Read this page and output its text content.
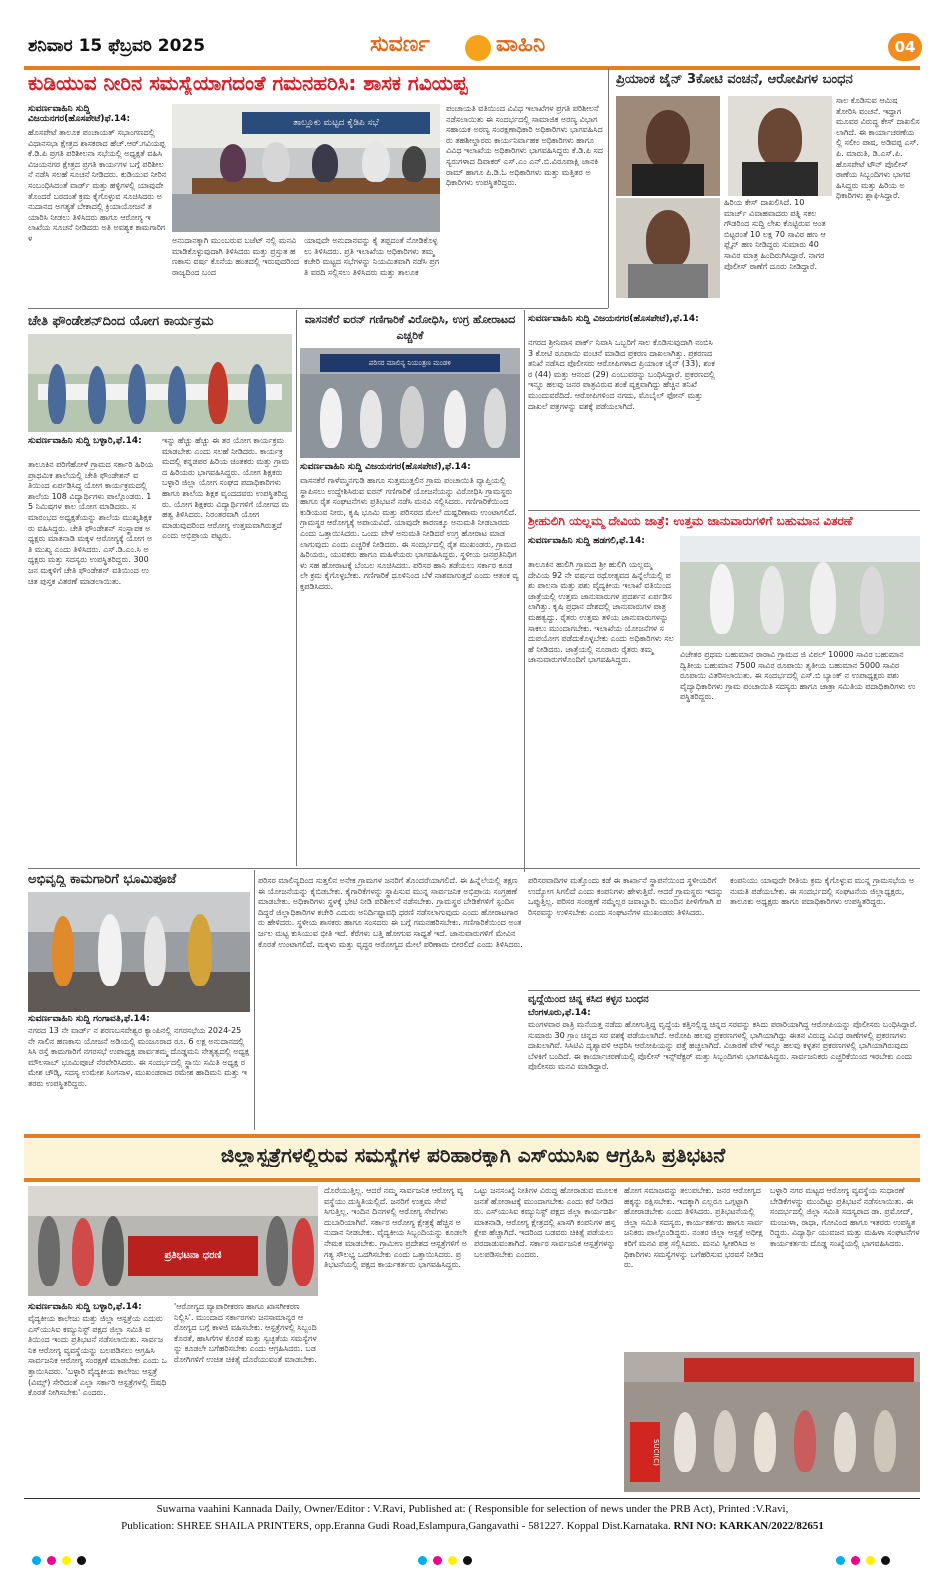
ಶನಿವಾರ 15 ಫೆಬ್ರವರಿ 2025	ಸುವರ್ಣ	ವಾಹಿನಿ	04
ಕುಡಿಯುವ ನೀರಿನ ಸಮಸ್ಯೆಯಾಗದಂತೆ ಗಮನಹರಿಸಿ: ಶಾಸಕ ಗವಿಯಪ್ಪ
ಸುವರ್ಣವಾಹಿನಿ ಸುದ್ದಿ ವಿಜಯನಗರ(ಹೊಸಪೇಟೆ)ಫೆ.14:
ಹೊಸಪೇಟೆ ತಾಲೂಕ ಪಂಚಾಯತ್ ಸಭಾಂಗಣದಲ್ಲಿ ವಿಧಾನಸಭಾ ಕ್ಷೇತ್ರದ ಶಾಸಕರಾದ ಹೆಚ್.ಆರ್.ಗವಿಯಪ್ಪ ಕೆ.ಡಿ.ಪಿ ಪ್ರಗತಿ ಪರಿಶೀಲನಾ ಸಭೆಯಲ್ಲಿ ಅಧ್ಯಕ್ಷತೆ ವಹಿಸಿ ವಿಜಯನಗರ ಕ್ಷೇತ್ರದ ಪ್ರಗತಿ ಕಾರ್ಯಗಳ ಬಗ್ಗೆ ಪರಿಶೀಲನೆ ನಡೆಸಿ ಸಲಹೆ ಸೂಚನೆ ನೀಡಿದರು. ಕುಡಿಯುವ ನೀರಿನ ಸಂಬಂಧಿಸಿದಂತೆ ವಾರ್ಡ್ ಮತ್ತು ಹಳ್ಳಿಗಳಲ್ಲಿ ಯಾವುದೇ ತೊಂದರೆ ಬರದಂತೆ ಕ್ರಮ ಕೈಗೊಳ್ಳುವ ಸೂಚಿಸಿದರು ಅನುದಾನದ ಅಗತ್ಯತೆ ಬೇಕಾದಲ್ಲಿ ಕ್ರಿಯಾಯೋಜನೆ ತಯಾರಿಸಿ ನೀಡಲು ತಿಳಿಸಿದರು ಹಾಗೂ ಆರೋಗ್ಯ ಇಲಾಖೆಯ ಸೂಚನೆ ನೀಡಿದರು ಅತಿ ಅವಶ್ಯಕ ಕಾಮಗಾರಿಗಳ
ತಾಲ್ಲೂಕು ಮಟ್ಟದ ಕೈಡಿಪಿ ಸಭೆ
ಅನುದಾನಕ್ಕಾಗಿ ಮುಂಬರುವ ಬಜೆಟ್ ನಲ್ಲಿ ಮನವಿ ಮಾಡಿಕೊಳ್ಳುವುದಾಗಿ ತಿಳಿಸಿದರು ಮತ್ತು ಪ್ರಸ್ತುತ ಹಣಕಾಸು ವರ್ಷ ಕೊನೆಯ ಹಂತದಲ್ಲಿ ಇರುವುದರಿಂದ ರಾಜ್ಯದಿಂದ ಬಂದ
ಯಾವುದೇ ಅನುದಾನವನ್ನು ಕೈ ತಪ್ಪದಂತೆ ನೋಡಿಕೊಳ್ಳಲು ತಿಳಿಸಿದರು. ಪ್ರತಿ ಇಲಾಖೆಯ ಅಧಿಕಾರಿಗಳು ತಮ್ಮ ಕಚೇರಿ ಮಟ್ಟದ ಸಭೆಗಳನ್ನು ನಿಯಮಿತವಾಗಿ ನಡೆಸಿ ಪ್ರಗತಿ ವರದಿ ಸಲ್ಲಿಸಲು ತಿಳಿಸಿದರು ಮತ್ತು ತಾಲೂಕ
ಪಂಚಾಯತಿ ವತಿಯಿಂದ ವಿವಿಧ ಇಲಾಖೆಗಳ ಪ್ರಗತಿ ಪರಿಶೀಲನೆ ನಡೆಸಲಾಯಿತು ಈ ಸಂದರ್ಭದಲ್ಲಿ ಸಾಮಾಜಿಕ ಅರಣ್ಯ ವಿಭಾಗ ಸಹಾಯಕ ಅರಣ್ಯ ಸಂರಕ್ಷಣಾಧಿಕಾರಿ ಅಧಿಕಾರಿಗಳು ಭಾಗವಹಿಸಿದರು ತಹಶೀಲ್ದಾರರು ಕಾರ್ಯನಿರ್ವಾಹಕ ಅಧಿಕಾರಿಗಳು ಹಾಗೂ ವಿವಿಧ ಇಲಾಖೆಯ ಅಧಿಕಾರಿಗಳು ಭಾಗವಹಿಸಿದ್ದರು ಕೆ.ಡಿ.ಪಿ ಸದಸ್ಯರುಗಳಾದ ದಿವಾಕರ್ ಎಸ್.ಎಂ ಎನ್.ಬಿ.ವಿರೂಪಾಕ್ಷಿ ಜಾನಕಿ ರಾಮ್ ಹಾಗೂ ಪಿ.ಡಿ.ಓ ಅಧಿಕಾರಿಗಳು ಮತ್ತು ಮತ್ತಿತರ ಅಧಿಕಾರಿಗಳು ಉಪಸ್ಥಿತರಿದ್ದರು.
ಪ್ರಿಯಾಂಕ ಜೈನ್ 3ಕೋಟಿ ವಂಚನೆ, ಆರೋಪಿಗಳ ಬಂಧನ
ಹಿರಿಯ ಕೇಸ್ ದಾಖಲಿಸಿದೆ. 10 ಮಾರ್ಚ್ ವಿವಾಹವಾದರು ಪತ್ನಿ ಸಕಲಗೌಡರಿಂದ ಸುದ್ದಿ ಲೇಖ ಕೊಟ್ಟಿರುವ ಅಂತ ಬಿಟ್ಟರಂತೆ 10 ಲಕ್ಷ 70 ಸಾವಿರ ಹಣ ಆಫ್ಲೈನ್ ಹಣ ನೀಡಿದ್ದರು ಸುಮಾರು 40 ಸಾವಿರ ಮಾತ್ರ ಹಿಂದಿರುಗಿಸಿದ್ದಾರೆ. ನಾಗರ ಪೊಲೀಸ್ ಠಾಣೆಗೆ ದೂರು ನೀಡಿದ್ದಾರೆ.
ಸಾಲ ಕೊಡಿಸುವ ಆಮಿಷ ತೋರಿಸಿ ವಂಚನೆ. ಇದ್ದಾಗ ಮೂವರ ವಿರುದ್ಧ ಕೇಸ್ ದಾಖಲಿಸಲಾಗಿದೆ. ಈ ಕಾರ್ಯಾಚರಣೆಯಲ್ಲಿ ಸಲೀಂ ಪಾಷ, ಅಡಿವಪ್ಪ ಎಸ್.ಪಿ. ಮಾರುತಿ, ಡಿ.ಎಸ್.ಪಿ. ಹೊಸಪೇಟೆ ಟೌನ್ ಪೊಲೀಸ್ ಠಾಣೆಯ ಸಿಬ್ಬಂದಿಗಳು ಭಾಗವಹಿಸಿದ್ದರು ಮತ್ತು ಹಿರಿಯ ಅಧಿಕಾರಿಗಳು ಶ್ಲಾಘಿಸಿದ್ದಾರೆ.
ಚೇತಿ ಫೌಂಡೇಶನ್‌ದಿಂದ ಯೋಗ ಕಾರ್ಯಕ್ರಮ
ಸುವರ್ಣವಾಹಿನಿ ಸುದ್ದಿ ಬಳ್ಳಾರಿ,ಫೆ.14:
ತಾಲೂಕಿನ ಪರಿಗೆಹೋಳೆ ಗ್ರಾಮದ ಸರ್ಕಾರಿ ಹಿರಿಯ ಪ್ರಾಥಮಿಕ ಶಾಲೆಯಲ್ಲಿ ಚೇತಿ ಫೌಂಡೇಶನ್ ವತಿಯಿಂದ ಏರ್ಪಡಿಸಿದ್ದ ಯೋಗ ಕಾರ್ಯಕ್ರಮದಲ್ಲಿ ಶಾಲೆಯ 108 ವಿದ್ಯಾರ್ಥಿಗಳು ಪಾಲ್ಗೊಂಡರು. 15 ನಿಮಿಷಗಳ ಕಾಲ ಯೋಗ ಮಾಡಿದರು. ಸಮಾರಂಭದ ಅಧ್ಯಕ್ಷತೆಯನ್ನು ಶಾಲೆಯ ಮುಖ್ಯಶಿಕ್ಷಕರು ವಹಿಸಿದ್ದರು. ಚೇತಿ ಫೌಂಡೇಶನ್ ಸಂಸ್ಥಾಪಕ ಅಧ್ಯಕ್ಷರು ಮಾತನಾಡಿ ಮಕ್ಕಳ ಆರೋಗ್ಯಕ್ಕೆ ಯೋಗ ಅತಿ ಮುಖ್ಯ ಎಂದು ತಿಳಿಸಿದರು. ಎಸ್.ಡಿ.ಎಂ.ಸಿ ಅಧ್ಯಕ್ಷರು ಮತ್ತು ಸದಸ್ಯರು ಉಪಸ್ಥಿತರಿದ್ದರು. 300 ಜನ ಮಕ್ಕಳಿಗೆ ಚೇತಿ ಫೌಂಡೇಶನ್ ವತಿಯಿಂದ ಉಚಿತ ಪುಸ್ತಕ ವಿತರಣೆ ಮಾಡಲಾಯಿತು.
ಇನ್ನು ಹೆಚ್ಚು ಹೆಚ್ಚು ಈ ತರ ಯೋಗ ಕಾರ್ಯಕ್ರಮ ಮಾಡಬೇಕು ಎಂದು ಸಲಹೆ ನೀಡಿದರು. ಕಾರ್ಯಕ್ರಮದಲ್ಲಿ ಕನ್ನಡಪರ ಹಿರಿಯ ಚಿಂತಕರು ಮತ್ತು ಗ್ರಾಮದ ಹಿರಿಯರು ಭಾಗವಹಿಸಿದ್ದರು. ಯೋಗ ಶಿಕ್ಷಕರು ಬಳ್ಳಾರಿ ಜಿಲ್ಲಾ ಯೋಗ ಸಂಘದ ಪದಾಧಿಕಾರಿಗಳು ಹಾಗೂ ಶಾಲೆಯ ಶಿಕ್ಷಕ ವೃಂದದವರು ಉಪಸ್ಥಿತರಿದ್ದರು. ಯೋಗ ಶಿಕ್ಷಕರು ವಿದ್ಯಾರ್ಥಿಗಳಿಗೆ ಯೋಗದ ಮಹತ್ವ ತಿಳಿಸಿದರು. ನಿರಂತರವಾಗಿ ಯೋಗ ಮಾಡುವುದರಿಂದ ಆರೋಗ್ಯ ಉತ್ತಮವಾಗಿರುತ್ತದೆ ಎಂದು ಅಭಿಪ್ರಾಯ ಪಟ್ಟರು.
ವಾಸನಕೆರೆ ಐರನ್ ಗಣಿಗಾರಿಕೆ ವಿರೋಧಿಸಿ, ಉಗ್ರ ಹೋರಾಟದ ಎಚ್ಚರಿಕೆ
ಪರಿಸರ ಮಾಲಿನ್ಯ ನಿಯಂತ್ರಣ ಮಂಡಳಿ
ಸುವರ್ಣವಾಹಿನಿ ಸುದ್ದಿ ವಿಜಯನಗರ(ಹೊಸಪೇಟೆ),ಫೆ.14:
ವಾಸನಕೆರೆ ಗಾಳೆಮ್ಮನಗುಡಿ ಹಾಗೂ ಸುತ್ತಮುತ್ತಲಿನ ಗ್ರಾಮ ಪಂಚಾಯಿತಿ ವ್ಯಾಪ್ತಿಯಲ್ಲಿ ಸ್ಥಾಪಿಸಲು ಉದ್ದೇಶಿಸಿರುವ ಐರನ್ ಗಣಿಗಾರಿಕೆ ಯೋಜನೆಯನ್ನು ವಿರೋಧಿಸಿ ಗ್ರಾಮಸ್ಥರು ಹಾಗೂ ರೈತ ಸಂಘಟನೆಗಳು ಪ್ರತಿಭಟನೆ ನಡೆಸಿ ಮನವಿ ಸಲ್ಲಿಸಿದರು. ಗಣಿಗಾರಿಕೆಯಿಂದ ಕುಡಿಯುವ ನೀರು, ಕೃಷಿ ಭೂಮಿ ಮತ್ತು ಪರಿಸರದ ಮೇಲೆ ದುಷ್ಪರಿಣಾಮ ಉಂಟಾಗಲಿದೆ. ಗ್ರಾಮಸ್ಥರ ಆರೋಗ್ಯಕ್ಕೆ ಅಪಾಯವಿದೆ. ಯಾವುದೇ ಕಾರಣಕ್ಕೂ ಅನುಮತಿ ನೀಡಬಾರದು ಎಂದು ಒತ್ತಾಯಿಸಿದರು. ಒಂದು ವೇಳೆ ಅನುಮತಿ ನೀಡಿದರೆ ಉಗ್ರ ಹೋರಾಟ ಮಾಡಲಾಗುವುದು ಎಂದು ಎಚ್ಚರಿಕೆ ನೀಡಿದರು. ಈ ಸಂದರ್ಭದಲ್ಲಿ ರೈತ ಮುಖಂಡರು, ಗ್ರಾಮದ ಹಿರಿಯರು, ಯುವಕರು ಹಾಗೂ ಮಹಿಳೆಯರು ಭಾಗವಹಿಸಿದ್ದರು. ಸ್ಥಳೀಯ ಜನಪ್ರತಿನಿಧಿಗಳು ಸಹ ಹೋರಾಟಕ್ಕೆ ಬೆಂಬಲ ಸೂಚಿಸಿದರು. ಪರಿಸರ ಹಾನಿ ತಡೆಯಲು ಸರ್ಕಾರ ಕೂಡಲೇ ಕ್ರಮ ಕೈಗೊಳ್ಳಬೇಕು. ಗಣಿಗಾರಿಕೆ ಧೂಳಿನಿಂದ ಬೆಳೆ ನಾಶವಾಗುತ್ತದೆ ಎಂದು ಆತಂಕ ವ್ಯಕ್ತಪಡಿಸಿದರು.
ಸುವರ್ಣವಾಹಿನಿ ಸುದ್ದಿ ವಿಜಯನಗರ(ಹೊಸಪೇಟೆ),ಫೆ.14:
ನಗರದ ಶ್ರೀನಿವಾಸ ಪಾರ್ಕ್ ನಿವಾಸಿ ಒಬ್ಬರಿಗೆ ಸಾಲ ಕೊಡಿಸುವುದಾಗಿ ನಂಬಿಸಿ 3 ಕೋಟಿ ರೂಪಾಯಿ ವಂಚನೆ ಮಾಡಿದ ಪ್ರಕರಣ ದಾಖಲಾಗಿತ್ತು. ಪ್ರಕರಣದ ತನಿಖೆ ನಡೆಸಿದ ಪೊಲೀಸರು ಆರೋಪಿಗಳಾದ ಪ್ರಿಯಾಂಕ ಜೈನ್ (33), ಶಂಕರ (44) ಮತ್ತು ಆನಂದ (29) ಎಂಬುವರನ್ನು ಬಂಧಿಸಿದ್ದಾರೆ. ಪ್ರಕರಣದಲ್ಲಿ ಇನ್ನೂ ಹಲವು ಜನರ ಪಾತ್ರವಿರುವ ಶಂಕೆ ವ್ಯಕ್ತವಾಗಿದ್ದು ಹೆಚ್ಚಿನ ತನಿಖೆ ಮುಂದುವರೆದಿದೆ. ಆರೋಪಿಗಳಿಂದ ನಗದು, ಮೊಬೈಲ್ ಫೋನ್ ಮತ್ತು ದಾಖಲೆ ಪತ್ರಗಳನ್ನು ವಶಕ್ಕೆ ಪಡೆಯಲಾಗಿದೆ.
ಶ್ರೀಹುಲಿಗಿ ಯಲ್ಲಮ್ಮ ದೇವಿಯ ಜಾತ್ರೆ: ಉತ್ತಮ ಜಾನುವಾರುಗಳಿಗೆ ಬಹುಮಾನ ವಿತರಣೆ
ಸುವರ್ಣವಾಹಿನಿ ಸುದ್ದಿ ಹಡಗಲಿ,ಫೆ.14:
ತಾಲೂಕಿನ ಹುಲಿಗಿ ಗ್ರಾಮದ ಶ್ರೀ ಹುಲಿಗಿ ಯಲ್ಲಮ್ಮ ದೇವಿಯ 92 ನೇ ವರ್ಷದ ರಥೋತ್ಸವದ ಹಿನ್ನೆಲೆಯಲ್ಲಿ ಪಶು ಪಾಲನಾ ಮತ್ತು ಪಶು ವೈದ್ಯಕೀಯ ಇಲಾಖೆ ವತಿಯಿಂದ ಜಾತ್ರೆಯಲ್ಲಿ ಉತ್ತಮ ಜಾನುವಾರುಗಳ ಪ್ರದರ್ಶನ ಏರ್ಪಡಿಸಲಾಗಿತ್ತು. ಕೃಷಿ ಪ್ರಧಾನ ದೇಶದಲ್ಲಿ ಜಾನುವಾರುಗಳ ಪಾತ್ರ ಮಹತ್ವದ್ದು. ರೈತರು ಉತ್ತಮ ತಳಿಯ ಜಾನುವಾರುಗಳನ್ನು ಸಾಕಲು ಮುಂದಾಗಬೇಕು. ಇಲಾಖೆಯ ಯೋಜನೆಗಳ ಸದುಪಯೋಗ ಪಡೆದುಕೊಳ್ಳಬೇಕು ಎಂದು ಅಧಿಕಾರಿಗಳು ಸಲಹೆ ನೀಡಿದರು. ಜಾತ್ರೆಯಲ್ಲಿ ನೂರಾರು ರೈತರು ತಮ್ಮ ಜಾನುವಾರುಗಳೊಂದಿಗೆ ಭಾಗವಹಿಸಿದ್ದರು.
ವಿಜೇತರ ಪ್ರಥಮ ಬಹುಮಾನ ರಾರಾವಿ ಗ್ರಾಮದ ಜಿ ವಿಠಲ್ 10000 ಸಾವಿರ ಬಹುಮಾನ ದ್ವಿತೀಯ ಬಹುಮಾನ 7500 ಸಾವಿರ ರೂಪಾಯಿ ತೃತೀಯ ಬಹುಮಾನ 5000 ಸಾವಿರ ರೂಪಾಯಿ ವಿತರಿಸಲಾಯಿತು. ಈ ಸಂದರ್ಭದಲ್ಲಿ ಎಸ್.ಬಿ ಬ್ಯಾಂಕ್ ನ ಉಪಾಧ್ಯಕ್ಷರು ಪಶು ವೈದ್ಯಾಧಿಕಾರಿಗಳು ಗ್ರಾಮ ಪಂಚಾಯಿತಿ ಸದಸ್ಯರು ಹಾಗೂ ಜಾತ್ರಾ ಸಮಿತಿಯ ಪದಾಧಿಕಾರಿಗಳು ಉಪಸ್ಥಿತರಿದ್ದರು.
ಅಭಿವೃದ್ಧಿ ಕಾಮಗಾರಿಗೆ ಭೂಮಿಪೂಜೆ
ಸುವರ್ಣವಾಹಿನಿ ಸುದ್ದಿ ಗಂಗಾವತಿ,ಫೆ.14:
ನಗರದ 13 ನೇ ವಾರ್ಡ್ ನ ಶರಣಬಸವೇಶ್ವರ ಕ್ಯಾಂಪಿನಲ್ಲಿ ನಗರಸಭೆಯ 2024-25 ನೇ ಸಾಲಿನ ಹಣಕಾಸು ಯೋಜನೆ ಅಡಿಯಲ್ಲಿ ಮಂಜೂರಾದ ರೂ. 6 ಲಕ್ಷ ಅನುದಾನದಲ್ಲಿ ಸಿಸಿ ರಸ್ತೆ ಕಾಮಗಾರಿಗೆ ನಗರಸಭೆ ಉಪಾಧ್ಯಕ್ಷ ಪಾರ್ವತಮ್ಮ ದೊಡ್ಡಮನಿ ನೇತೃತ್ವದಲ್ಲಿ ಅಧ್ಯಕ್ಷ ಮೌಲಸಾಬ್ ಭೂಮಿಪೂಜೆ ನೆರವೇರಿಸಿದರು. ಈ ಸಂದರ್ಭದಲ್ಲಿ ಸ್ಥಾಯಿ ಸಮಿತಿ ಅಧ್ಯಕ್ಷ ರಮೇಶ ಚೌಡ್ಕಿ, ಸದಸ್ಯ ಉಮೇಶ ಸಿಂಗನಾಳ, ಮುಖಂಡರಾದ ರಮೇಶ ಹಾದಿಮನಿ ಮತ್ತು ಇತರರು ಉಪಸ್ಥಿತರಿದ್ದರು.
ಪರಿಸರ ಮಾಲಿನ್ಯದಿಂದ ಸುತ್ತಲಿನ ಅನೇಕ ಗ್ರಾಮಗಳ ಜನರಿಗೆ ತೊಂದರೆಯಾಗಲಿದೆ. ಈ ಹಿನ್ನೆಲೆಯಲ್ಲಿ ತಕ್ಷಣ ಈ ಯೋಜನೆಯನ್ನು ಕೈಬಿಡಬೇಕು. ಕೈಗಾರಿಕೆಗಳನ್ನು ಸ್ಥಾಪಿಸುವ ಮುನ್ನ ಸಾರ್ವಜನಿಕ ಅಭಿಪ್ರಾಯ ಸಂಗ್ರಹಣೆ ಮಾಡಬೇಕು. ಅಧಿಕಾರಿಗಳು ಸ್ಥಳಕ್ಕೆ ಭೇಟಿ ನೀಡಿ ಪರಿಶೀಲನೆ ನಡೆಸಬೇಕು. ಗ್ರಾಮಸ್ಥರ ಬೇಡಿಕೆಗಳಿಗೆ ಸ್ಪಂದಿಸದಿದ್ದರೆ ಜಿಲ್ಲಾಧಿಕಾರಿಗಳ ಕಚೇರಿ ಎದುರು ಅನಿರ್ದಿಷ್ಟಾವಧಿ ಧರಣಿ ನಡೆಸಲಾಗುವುದು ಎಂದು ಹೋರಾಟಗಾರರು ಹೇಳಿದರು. ಸ್ಥಳೀಯ ಶಾಸಕರು ಹಾಗೂ ಸಂಸದರು ಈ ಬಗ್ಗೆ ಗಮನಹರಿಸಬೇಕು. ಗಣಿಗಾರಿಕೆಯಿಂದ ಅಂತರ್ಜಲ ಮಟ್ಟ ಕುಸಿಯುವ ಭೀತಿ ಇದೆ. ಕೆರೆಗಳು ಬತ್ತಿ ಹೋಗುವ ಸಾಧ್ಯತೆ ಇದೆ. ಜಾನುವಾರುಗಳಿಗೆ ಮೇವಿನ ಕೊರತೆ ಉಂಟಾಗಲಿದೆ. ಮಕ್ಕಳು ಮತ್ತು ವೃದ್ಧರ ಆರೋಗ್ಯದ ಮೇಲೆ ಪರಿಣಾಮ ಬೀರಲಿದೆ ಎಂದು ತಿಳಿಸಿದರು.
ಪರಿಸರವಾದಿಗಳ ಮತ್ತೊಂದು ಕಡೆ ಈ ಕಾರ್ಖಾನೆ ಸ್ಥಾಪನೆಯಿಂದ ಸ್ಥಳೀಯರಿಗೆ ಉದ್ಯೋಗ ಸಿಗಲಿದೆ ಎಂದು ಕಂಪನಿಗಳು ಹೇಳುತ್ತಿವೆ. ಆದರೆ ಗ್ರಾಮಸ್ಥರು ಇದನ್ನು ಒಪ್ಪುತ್ತಿಲ್ಲ. ಪರಿಸರ ಸಂರಕ್ಷಣೆ ನಮ್ಮೆಲ್ಲರ ಜವಾಬ್ದಾರಿ. ಮುಂದಿನ ಪೀಳಿಗೆಗಾಗಿ ಪರಿಸರವನ್ನು ಉಳಿಸಬೇಕು ಎಂದು ಸಂಘಟನೆಗಳ ಮುಖಂಡರು ತಿಳಿಸಿದರು.
ಕಂಪನಿಯು ಯಾವುದೇ ರೀತಿಯ ಕ್ರಮ ಕೈಗೊಳ್ಳುವ ಮುನ್ನ ಗ್ರಾಮಸಭೆಯ ಅನುಮತಿ ಪಡೆಯಬೇಕು. ಈ ಸಂದರ್ಭದಲ್ಲಿ ಸಂಘಟನೆಯ ಜಿಲ್ಲಾಧ್ಯಕ್ಷರು, ತಾಲೂಕು ಅಧ್ಯಕ್ಷರು ಹಾಗೂ ಪದಾಧಿಕಾರಿಗಳು ಉಪಸ್ಥಿತರಿದ್ದರು.
ವೃದ್ಧೆಯಿಂದ ಚಿನ್ನ ಕಸಿದ ಕಳ್ಳನ ಬಂಧನ
ಬೆಂಗಳೂರು,ಫೆ.14:
ಮಂಗಳವಾರ ರಾತ್ರಿ ಮನೆಯತ್ತ ನಡೆದು ಹೋಗುತ್ತಿದ್ದ ವೃದ್ಧೆಯ ಕತ್ತಿನಲ್ಲಿದ್ದ ಚಿನ್ನದ ಸರವನ್ನು ಕಸಿದು ಪರಾರಿಯಾಗಿದ್ದ ಆರೋಪಿಯನ್ನು ಪೊಲೀಸರು ಬಂಧಿಸಿದ್ದಾರೆ. ಸುಮಾರು 30 ಗ್ರಾಂ ಚಿನ್ನದ ಸರ ವಶಕ್ಕೆ ಪಡೆಯಲಾಗಿದೆ. ಆರೋಪಿ ಹಲವು ಪ್ರಕರಣಗಳಲ್ಲಿ ಭಾಗಿಯಾಗಿದ್ದು ಈತನ ವಿರುದ್ಧ ವಿವಿಧ ಠಾಣೆಗಳಲ್ಲಿ ಪ್ರಕರಣಗಳು ದಾಖಲಾಗಿವೆ. ಸಿಸಿಟಿವಿ ದೃಶ್ಯಾವಳಿ ಆಧರಿಸಿ ಆರೋಪಿಯನ್ನು ಪತ್ತೆ ಹಚ್ಚಲಾಗಿದೆ. ವಿಚಾರಣೆ ವೇಳೆ ಇನ್ನೂ ಹಲವು ಕಳ್ಳತನ ಪ್ರಕರಣಗಳಲ್ಲಿ ಭಾಗಿಯಾಗಿರುವುದು ಬೆಳಕಿಗೆ ಬಂದಿದೆ. ಈ ಕಾರ್ಯಾಚರಣೆಯಲ್ಲಿ ಪೊಲೀಸ್ ಇನ್ಸ್‌ಪೆಕ್ಟರ್ ಮತ್ತು ಸಿಬ್ಬಂದಿಗಳು ಭಾಗವಹಿಸಿದ್ದರು. ಸಾರ್ವಜನಿಕರು ಎಚ್ಚರಿಕೆಯಿಂದ ಇರಬೇಕು ಎಂದು ಪೊಲೀಸರು ಮನವಿ ಮಾಡಿದ್ದಾರೆ.
ಜಿಲ್ಲಾಸ್ಪತ್ರೆಗಳಲ್ಲಿರುವ ಸಮಸ್ಯೆಗಳ ಪರಿಹಾರಕ್ಕಾಗಿ ಎಸ್‌ಯುಸಿಐ ಆಗ್ರಹಿಸಿ ಪ್ರತಿಭಟನೆ
ಪ್ರತಿಭಟನಾ ಧರಣಿ
ಸುವರ್ಣವಾಹಿನಿ ಸುದ್ದಿ ಬಳ್ಳಾರಿ,ಫೆ.14:
ವೈದ್ಯಕೀಯ ಕಾಲೇಜು ಮತ್ತು ಜಿಲ್ಲಾ ಆಸ್ಪತ್ರೆಯ ಎದುರು ಎಸ್‌ಯುಸಿಐ ಕಮ್ಯುನಿಸ್ಟ್ ಪಕ್ಷದ ಜಿಲ್ಲಾ ಸಮಿತಿ ವತಿಯಿಂದ ಇಂದು ಪ್ರತಿಭಟನೆ ನಡೆಸಲಾಯಿತು. ಸಾರ್ವಜನಿಕ ಆರೋಗ್ಯ ವ್ಯವಸ್ಥೆಯನ್ನು ಬಲಪಡಿಸಲು ಆಗ್ರಹಿಸಿ ಸಾರ್ವಜನಿಕ ಆರೋಗ್ಯ ಸಂರಕ್ಷಣೆ ಮಾಡಬೇಕು ಎಂದು ಒತ್ತಾಯಿಸಿದರು. 'ಬಳ್ಳಾರಿ ವೈದ್ಯಕೀಯ ಕಾಲೇಜು ಆಸ್ಪತ್ರೆ (ವಿಮ್ಸ್) ಸೇರಿದಂತೆ ಎಲ್ಲಾ ಸರ್ಕಾರಿ ಆಸ್ಪತ್ರೆಗಳಲ್ಲಿ ಔಷಧಿ ಕೊರತೆ ನೀಗಿಸಬೇಕು' ಎಂದರು.
'ಆರೋಗ್ಯದ ವ್ಯಾಪಾರೀಕರಣ ಹಾಗೂ ಖಾಸಗೀಕರಣ ನಿಲ್ಲಿಸಿ'. ಮುಂದಾದ ಸರ್ಕಾರಗಳು ಜನಸಾಮಾನ್ಯರ ಆರೋಗ್ಯದ ಬಗ್ಗೆ ಕಾಳಜಿ ವಹಿಸಬೇಕು. ಆಸ್ಪತ್ರೆಗಳಲ್ಲಿ ಸಿಬ್ಬಂದಿ ಕೊರತೆ, ಹಾಸಿಗೆಗಳ ಕೊರತೆ ಮತ್ತು ಸ್ವಚ್ಛತೆಯ ಸಮಸ್ಯೆಗಳನ್ನು ಕೂಡಲೇ ಬಗೆಹರಿಸಬೇಕು ಎಂದು ಆಗ್ರಹಿಸಿದರು. ಬಡ ರೋಗಿಗಳಿಗೆ ಉಚಿತ ಚಿಕಿತ್ಸೆ ದೊರೆಯುವಂತೆ ಮಾಡಬೇಕು.
ದೊರೆಯುತ್ತಿಲ್ಲ. ಆದರೆ ನಮ್ಮ ಸಾರ್ವಜನಿಕ ಆರೋಗ್ಯ ವ್ಯವಸ್ಥೆಯು ದುಸ್ಥಿತಿಯಲ್ಲಿದೆ. ಜನರಿಗೆ ಉತ್ತಮ ಸೇವೆ ಸಿಗುತ್ತಿಲ್ಲ. ಇಂದಿನ ದಿನಗಳಲ್ಲಿ ಆರೋಗ್ಯ ಸೇವೆಗಳು ದುಬಾರಿಯಾಗಿವೆ. ಸರ್ಕಾರ ಆರೋಗ್ಯ ಕ್ಷೇತ್ರಕ್ಕೆ ಹೆಚ್ಚಿನ ಅನುದಾನ ನೀಡಬೇಕು. ವೈದ್ಯಕೀಯ ಸಿಬ್ಬಂದಿಯನ್ನು ಕೂಡಲೇ ನೇಮಕ ಮಾಡಬೇಕು. ಗ್ರಾಮೀಣ ಪ್ರದೇಶದ ಆಸ್ಪತ್ರೆಗಳಿಗೆ ಅಗತ್ಯ ಸೌಲಭ್ಯ ಒದಗಿಸಬೇಕು ಎಂದು ಒತ್ತಾಯಿಸಿದರು. ಪ್ರತಿಭಟನೆಯಲ್ಲಿ ಪಕ್ಷದ ಕಾರ್ಯಕರ್ತರು ಭಾಗವಹಿಸಿದ್ದರು.
ಒಟ್ಟು ಜನಸಂಖ್ಯೆ ನೀತಿಗಳ ವಿರುದ್ಧ ಹೋರಾಡುವ ಮೂಲಕ ಜನತೆ ಹೋರಾಟಕ್ಕೆ ಮುಂದಾಗಬೇಕು ಎಂದು ಕರೆ ನೀಡಿದರು. ಎಸ್‌ಯುಸಿಐ ಕಮ್ಯುನಿಸ್ಟ್ ಪಕ್ಷದ ಜಿಲ್ಲಾ ಕಾರ್ಯದರ್ಶಿ ಮಾತನಾಡಿ, ಆರೋಗ್ಯ ಕ್ಷೇತ್ರದಲ್ಲಿ ಖಾಸಗಿ ಕಂಪನಿಗಳ ಹಸ್ತಕ್ಷೇಪ ಹೆಚ್ಚಾಗಿದೆ. ಇದರಿಂದ ಬಡವರು ಚಿಕಿತ್ಸೆ ಪಡೆಯಲು ಪರದಾಡುವಂತಾಗಿದೆ. ಸರ್ಕಾರ ಸಾರ್ವಜನಿಕ ಆಸ್ಪತ್ರೆಗಳನ್ನು ಬಲಪಡಿಸಬೇಕು ಎಂದರು.
ಹೋಗ ಸಮಾಜವನ್ನು ತಲುಪಬೇಕು. ಜನರ ಆರೋಗ್ಯದ ಹಕ್ಕನ್ನು ರಕ್ಷಿಸಬೇಕು. ಇದಕ್ಕಾಗಿ ಎಲ್ಲರೂ ಒಗ್ಗಟ್ಟಾಗಿ ಹೋರಾಡಬೇಕು ಎಂದು ತಿಳಿಸಿದರು. ಪ್ರತಿಭಟನೆಯಲ್ಲಿ ಜಿಲ್ಲಾ ಸಮಿತಿ ಸದಸ್ಯರು, ಕಾರ್ಯಕರ್ತರು ಹಾಗೂ ಸಾರ್ವಜನಿಕರು ಪಾಲ್ಗೊಂಡಿದ್ದರು. ನಂತರ ಜಿಲ್ಲಾ ಆಸ್ಪತ್ರೆ ಅಧೀಕ್ಷಕರಿಗೆ ಮನವಿ ಪತ್ರ ಸಲ್ಲಿಸಿದರು. ಮನವಿ ಸ್ವೀಕರಿಸಿದ ಅಧಿಕಾರಿಗಳು ಸಮಸ್ಯೆಗಳನ್ನು ಬಗೆಹರಿಸುವ ಭರವಸೆ ನೀಡಿದರು.
ಬಳ್ಳಾರಿ ನಗರ ಮಟ್ಟದ ಆರೋಗ್ಯ ವ್ಯವಸ್ಥೆಯ ಸುಧಾರಣೆ ಬೇಡಿಕೆಗಳನ್ನು ಮುಂದಿಟ್ಟು ಪ್ರತಿಭಟನೆ ನಡೆಸಲಾಯಿತು. ಈ ಸಂದರ್ಭದಲ್ಲಿ ಜಿಲ್ಲಾ ಸಮಿತಿ ಸದಸ್ಯರಾದ ಡಾ. ಪ್ರಮೋದ್, ಮಂಜುಳಾ, ರಾಧಾ, ಗೋವಿಂದ ಹಾಗೂ ಇತರರು ಉಪಸ್ಥಿತರಿದ್ದರು. ವಿದ್ಯಾರ್ಥಿ ಯುವಜನ ಮತ್ತು ಮಹಿಳಾ ಸಂಘಟನೆಗಳ ಕಾರ್ಯಕರ್ತರು ದೊಡ್ಡ ಸಂಖ್ಯೆಯಲ್ಲಿ ಭಾಗವಹಿಸಿದರು.
SUCI(C)
Suwarna vaahini Kannada Daily, Owner/Editor : V.Ravi, Published at: ( Responsible for selection of news under the PRB Act), Printed :V.Ravi,
Publication: SHREE SHAILA PRINTERS, opp.Eranna Gudi Road,Eslampura,Gangavathi - 581227. Koppal Dist.Karnataka. RNI NO: KARKAN/2022/82651
